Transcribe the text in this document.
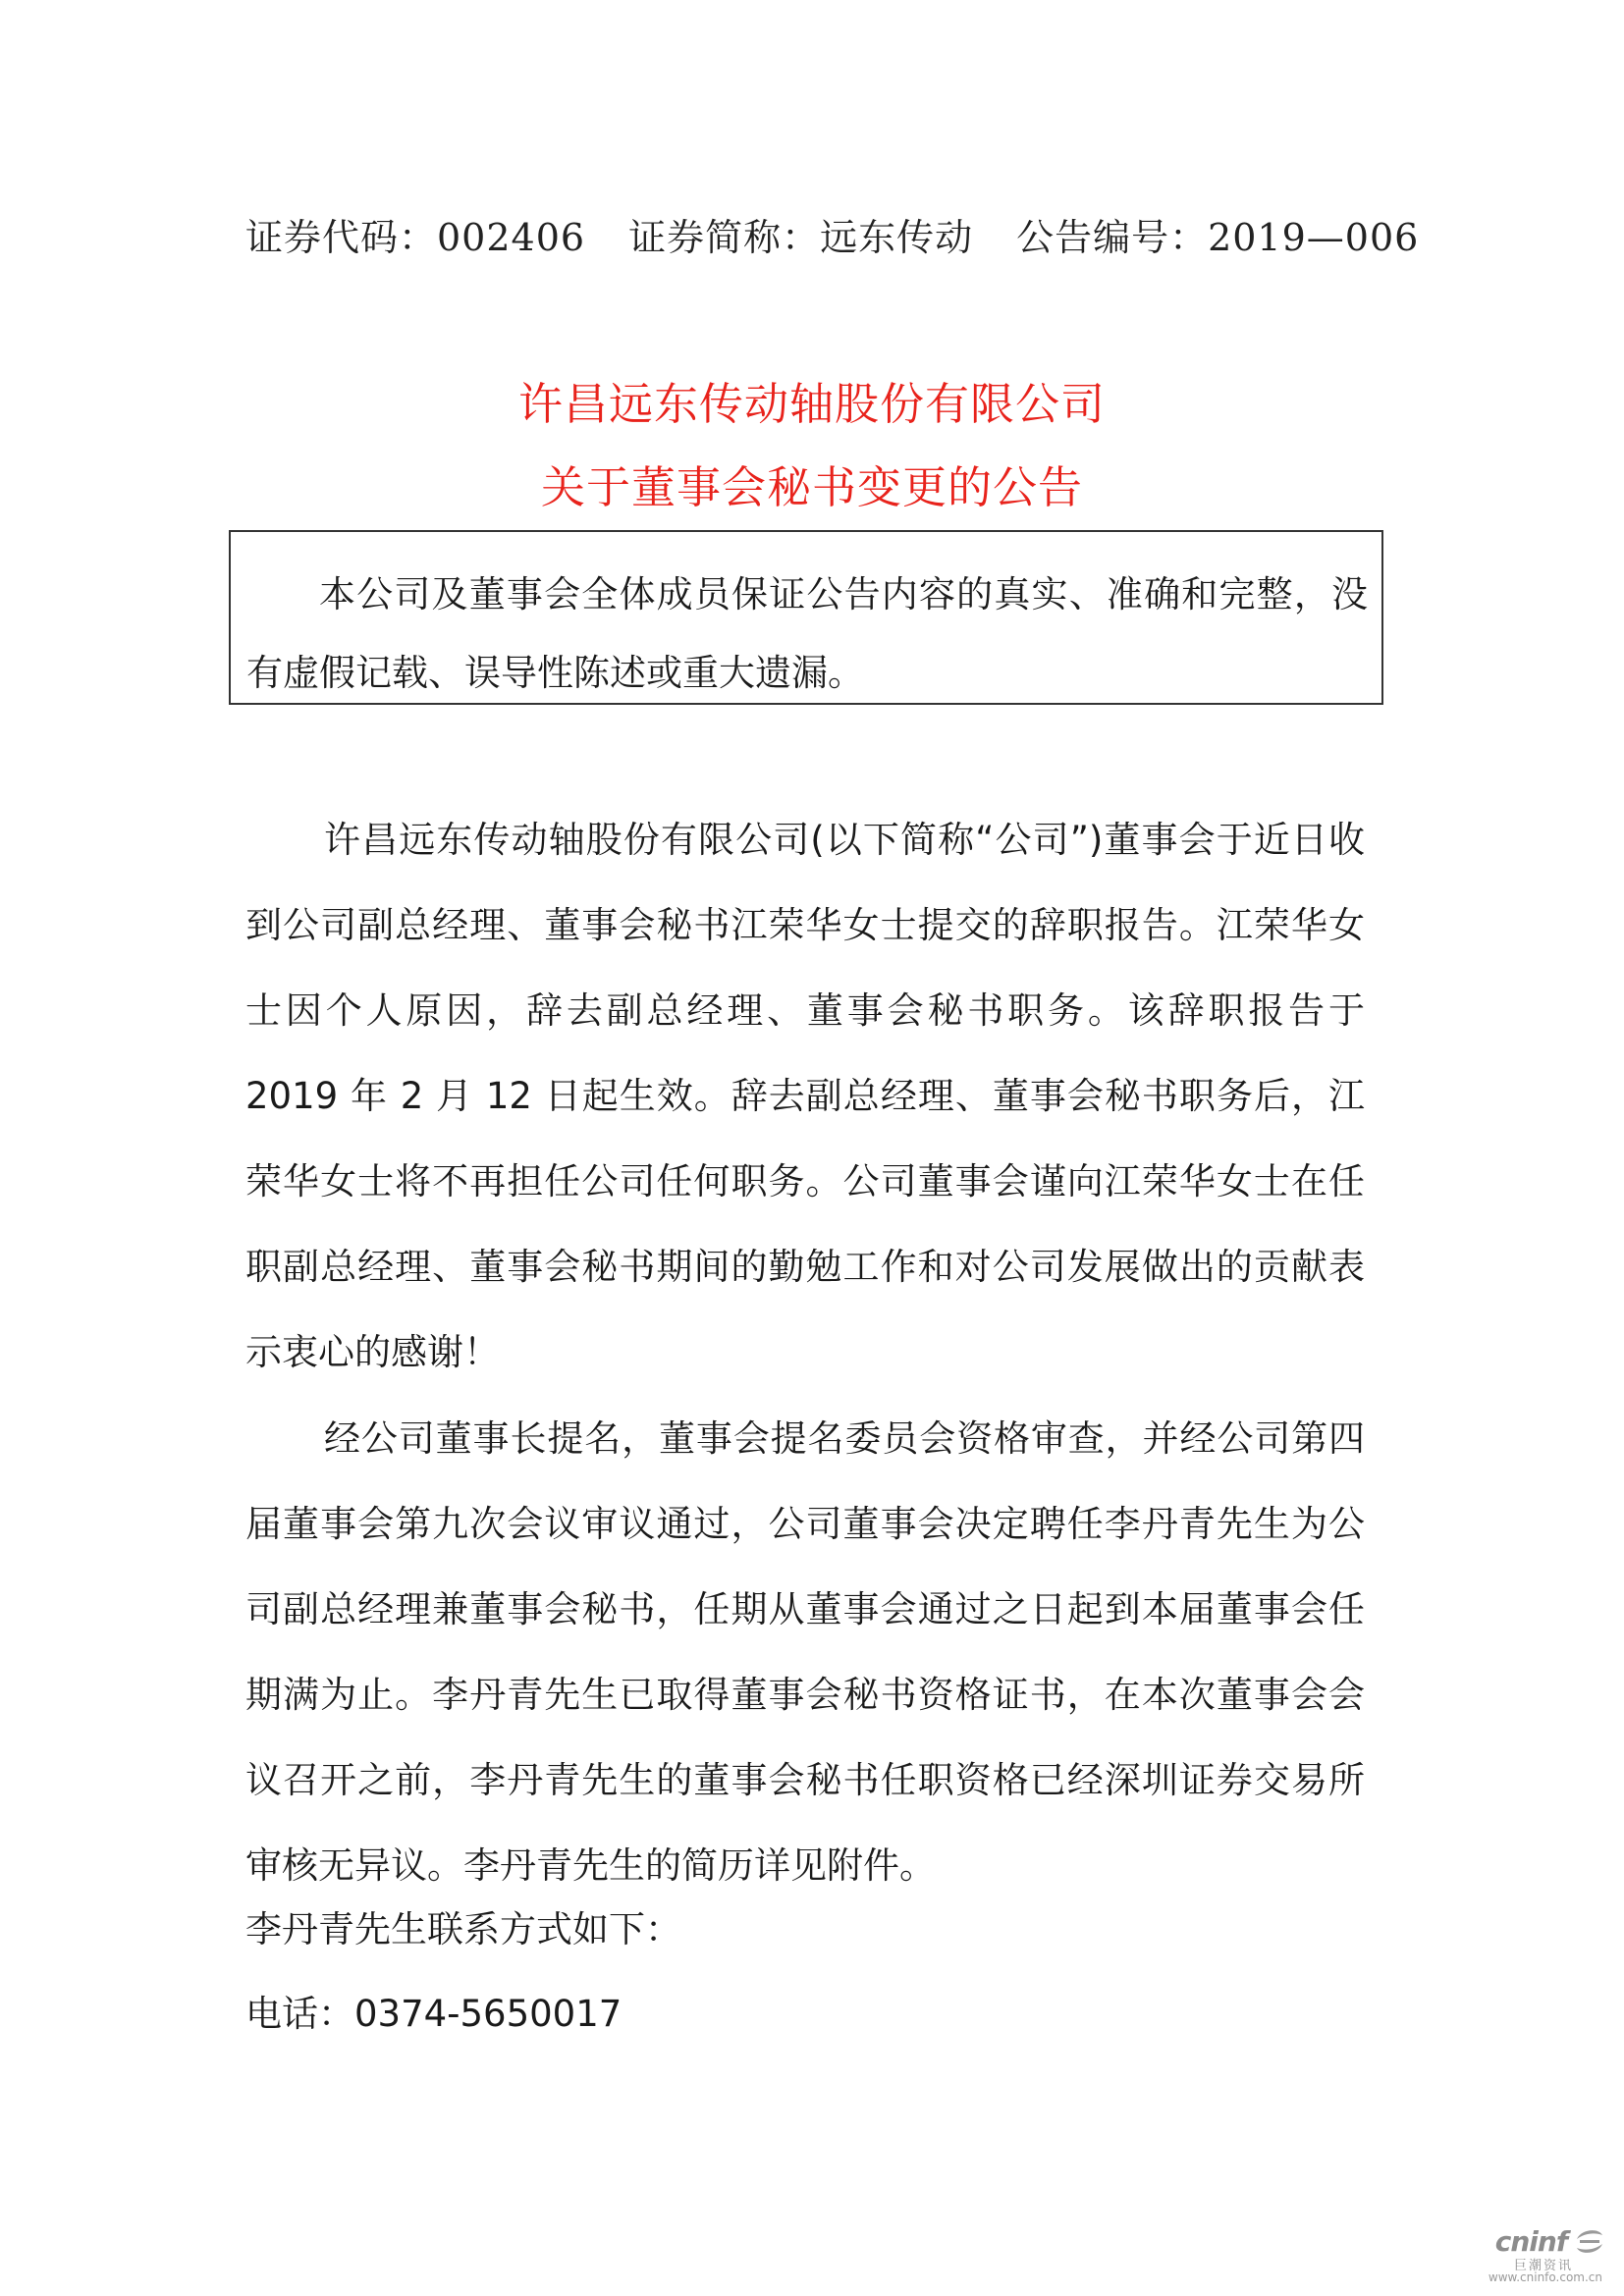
证券代码：002406 证券简称：远东传动 公告编号：2019—006
许昌远东传动轴股份有限公司
关于董事会秘书变更的公告
本公司及董事会全体成员保证公告内容的真实、准确和完整，没有虚假记载、误导性陈述或重大遗漏。

许昌远东传动轴股份有限公司(以下简称“公司”)董事会于近日收到公司副总经理、董事会秘书江荣华女士提交的辞职报告。江荣华女士因个人原因，辞去副总经理、董事会秘书职务。该辞职报告于 2019 年 2 月 12 日起生效。辞去副总经理、董事会秘书职务后，江荣华女士将不再担任公司任何职务。公司董事会谨向江荣华女士在任职副总经理、董事会秘书期间的勤勉工作和对公司发展做出的贡献表示衷心的感谢！

经公司董事长提名，董事会提名委员会资格审查，并经公司第四届董事会第九次会议审议通过，公司董事会决定聘任李丹青先生为公司副总经理兼董事会秘书，任期从董事会通过之日起到本届董事会任期满为止。李丹青先生已取得董事会秘书资格证书，在本次董事会会议召开之前，李丹青先生的董事会秘书任职资格已经深圳证券交易所审核无异议。李丹青先生的简历详见附件。

李丹青先生联系方式如下：
电话：0374-5650017
cninf
巨潮资讯
www.cninfo.com.cn
